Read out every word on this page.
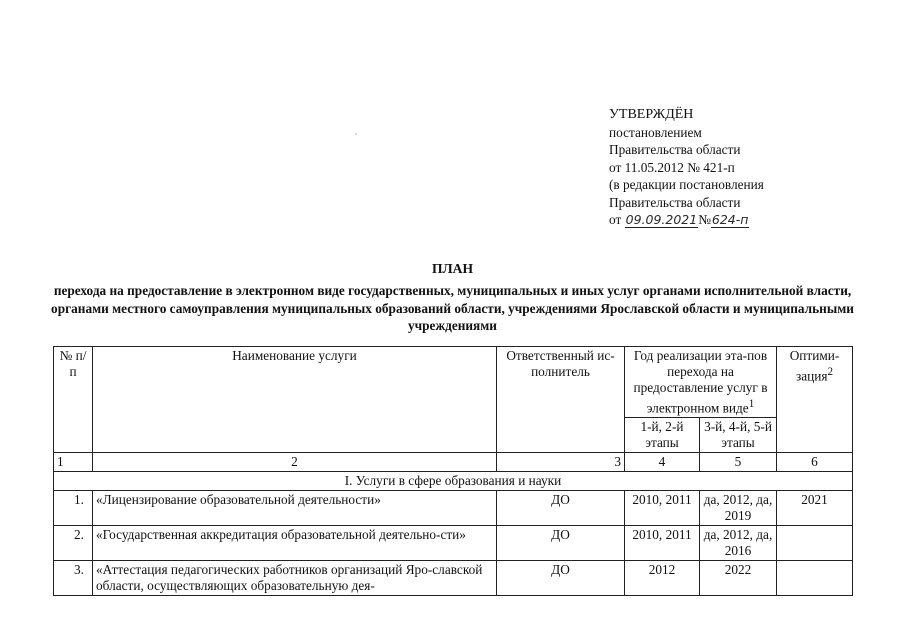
УТВЕРЖДЁН
постановлением
Правительства области
от 11.05.2012 № 421-п
(в редакции постановления
Правительства области
от 09.09.2021№624-п
ПЛАН
перехода на предоставление в электронном виде государственных, муниципальных и иных услуг органами исполнительной власти, органами местного самоуправления муниципальных образований области, учреждениями Ярославской области и муниципальными учреждениями
№ п/п	Наименование услуги	Ответственный ис-полнитель	Год реализации эта-пов перехода на предоставление услуг в электронном виде$^1$		Оптими-зация$^2$
			1-й, 2-й этапы	3-й, 4-й, 5-й этапы	
1	2	3	4	5	6
I. Услуги в сфере образования и науки					
1.	«Лицензирование образовательной деятельности»	ДО	2010, 2011	да, 2012, да, 2019	2021
2.	«Государственная аккредитация образовательной деятельно-сти»	ДО	2010, 2011	да, 2012, да, 2016	
3.	«Аттестация педагогических работников организаций Яро-славской области, осуществляющих образовательную дея-	ДО	2012	2022	
